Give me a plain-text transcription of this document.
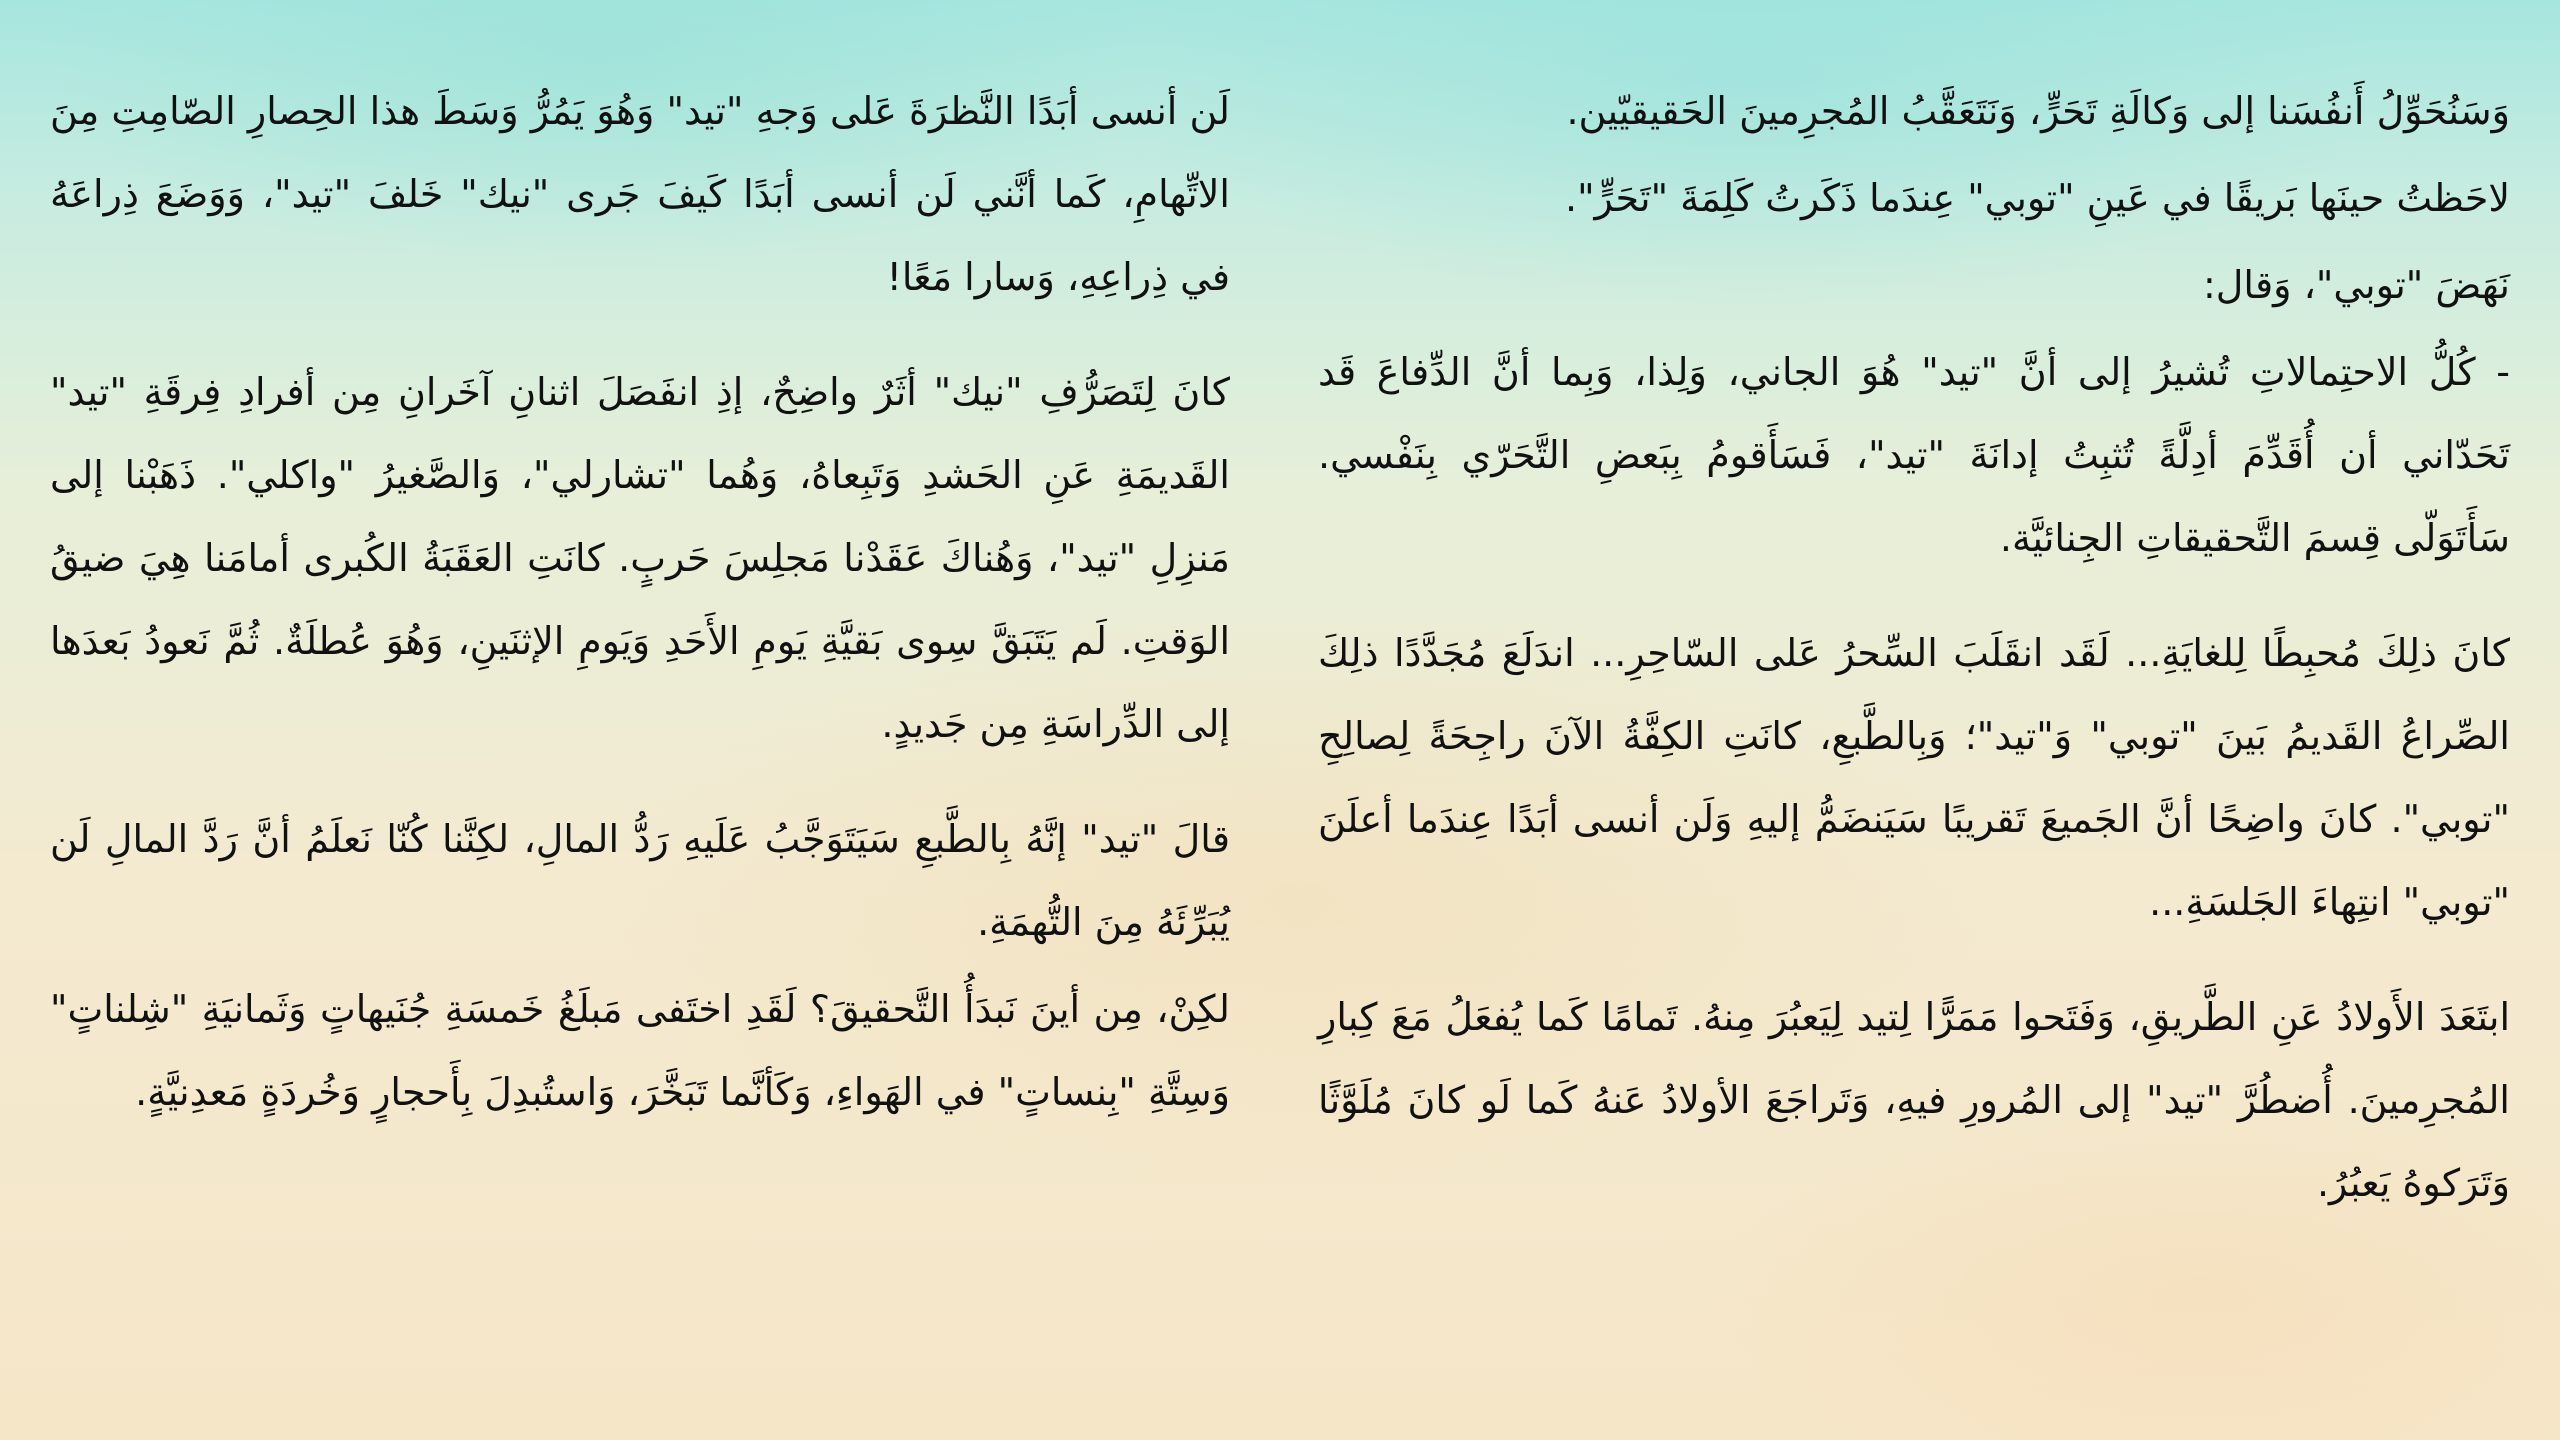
وَسَنُحَوِّلُ أَنفُسَنا إلى وَكالَةِ تَحَرٍّ، وَنَتَعَقَّبُ المُجرِمينَ الحَقيقيّين.

لاحَظتُ حينَها بَريقًا في عَينِ "توبي" عِندَما ذَكَرتُ كَلِمَةَ "تَحَرٍّ".

نَهَضَ "توبي"، وَقال:

- كُلُّ الاحتِمالاتِ تُشيرُ إلى أنَّ "تيد" هُوَ الجاني، وَلِذا، وَبِما أنَّ الدِّفاعَ قَد تَحَدّاني أن أُقَدِّمَ أدِلَّةً تُثبِتُ إدانَةَ "تيد"، فَسَأَقومُ بِبَعضِ التَّحَرّي بِنَفْسي. سَأَتَوَلّى قِسمَ التَّحقيقاتِ الجِنائيَّة.

كانَ ذلِكَ مُحبِطًا لِلغايَةِ... لَقَد انقَلَبَ السِّحرُ عَلى السّاحِرِ... اندَلَعَ مُجَدَّدًا ذلِكَ الصِّراعُ القَديمُ بَينَ "توبي" وَ"تيد"؛ وَبِالطَّبعِ، كانَتِ الكِفَّةُ الآنَ راجِحَةً لِصالِحِ "توبي". كانَ واضِحًا أنَّ الجَميعَ تَقريبًا سَيَنضَمُّ إليهِ وَلَن أنسى أبَدًا عِندَما أعلَنَ "توبي" انتِهاءَ الجَلسَةِ...

ابتَعَدَ الأَولادُ عَنِ الطَّريقِ، وَفَتَحوا مَمَرًّا لِتيد لِيَعبُرَ مِنهُ. تَمامًا كَما يُفعَلُ مَعَ كِبارِ المُجرِمينَ. أُضطُرَّ "تيد" إلى المُرورِ فيهِ، وَتَراجَعَ الأولادُ عَنهُ كَما لَو كانَ مُلَوَّثًا وَتَرَكوهُ يَعبُرُ.

لَن أنسى أبَدًا النَّظرَةَ عَلى وَجهِ "تيد" وَهُوَ يَمُرُّ وَسَطَ هذا الحِصارِ الصّامِتِ مِنَ الاتِّهامِ، كَما أنَّني لَن أنسى أبَدًا كَيفَ جَرى "نيك" خَلفَ "تيد"، وَوَضَعَ ذِراعَهُ في ذِراعِهِ، وَسارا مَعًا!

كانَ لِتَصَرُّفِ "نيك" أثَرٌ واضِحٌ، إذِ انفَصَلَ اثنانِ آخَرانِ مِن أفرادِ فِرقَةِ "تيد" القَديمَةِ عَنِ الحَشدِ وَتَبِعاهُ، وَهُما "تشارلي"، وَالصَّغيرُ "واكلي". ذَهَبْنا إلى مَنزِلِ "تيد"، وَهُناكَ عَقَدْنا مَجلِسَ حَربٍ. كانَتِ العَقَبَةُ الكُبرى أمامَنا هِيَ ضيقُ الوَقتِ. لَم يَتَبَقَّ سِوى بَقيَّةِ يَومِ الأَحَدِ وَيَومِ الإثنَينِ، وَهُوَ عُطلَةٌ. ثُمَّ نَعودُ بَعدَها إلى الدِّراسَةِ مِن جَديدٍ.

قالَ "تيد" إنَّهُ بِالطَّبعِ سَيَتَوَجَّبُ عَلَيهِ رَدُّ المالِ، لكِنَّنا كُنّا نَعلَمُ أنَّ رَدَّ المالِ لَن يُبَرِّئَهُ مِنَ التُّهمَةِ.

لكِنْ، مِن أينَ نَبدَأُ التَّحقيقَ؟ لَقَدِ اختَفى مَبلَغُ خَمسَةِ جُنَيهاتٍ وَثَمانيَةِ "شِلناتٍ" وَسِتَّةِ "بِنساتٍ" في الهَواءِ، وَكَأنَّما تَبَخَّرَ، وَاستُبدِلَ بِأَحجارٍ وَخُردَةٍ مَعدِنيَّةٍ.
